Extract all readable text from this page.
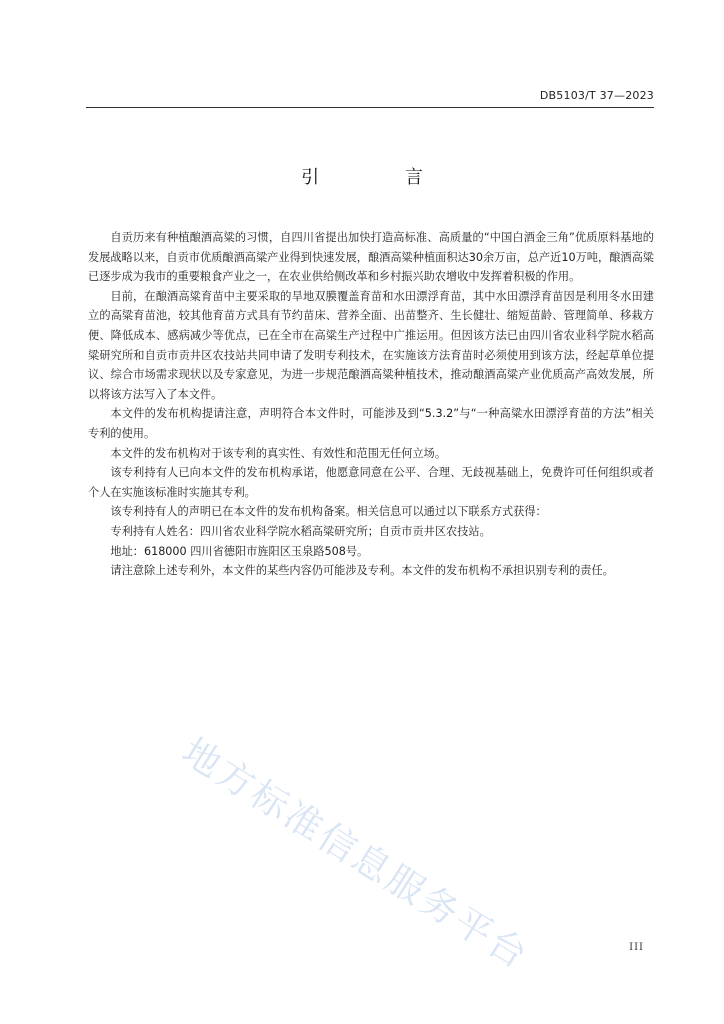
DB5103/T 37—2023
引 言

自贡历来有种植酿酒高粱的习惯，自四川省提出加快打造高标准、高质量的“中国白酒金三角”优质原料基地的发展战略以来，自贡市优质酿酒高粱产业得到快速发展，酿酒高粱种植面积达30余万亩，总产近10万吨，酿酒高粱已逐步成为我市的重要粮食产业之一，在农业供给侧改革和乡村振兴助农增收中发挥着积极的作用。

目前，在酿酒高粱育苗中主要采取的旱地双膜覆盖育苗和水田漂浮育苗，其中水田漂浮育苗因是利用冬水田建立的高粱育苗池，较其他育苗方式具有节约苗床、营养全面、出苗整齐、生长健壮、缩短苗龄、管理简单、移栽方便、降低成本、感病减少等优点，已在全市在高粱生产过程中广推运用。但因该方法已由四川省农业科学院水稻高粱研究所和自贡市贡井区农技站共同申请了发明专利技术，在实施该方法育苗时必须使用到该方法，经起草单位提议、综合市场需求现状以及专家意见，为进一步规范酿酒高粱种植技术，推动酿酒高粱产业优质高产高效发展，所以将该方法写入了本文件。

本文件的发布机构提请注意，声明符合本文件时，可能涉及到“5.3.2”与“一种高粱水田漂浮育苗的方法”相关专利的使用。

本文件的发布机构对于该专利的真实性、有效性和范围无任何立场。

该专利持有人已向本文件的发布机构承诺，他愿意同意在公平、合理、无歧视基础上，免费许可任何组织或者个人在实施该标准时实施其专利。

该专利持有人的声明已在本文件的发布机构备案。相关信息可以通过以下联系方式获得：

专利持有人姓名：四川省农业科学院水稻高粱研究所；自贡市贡井区农技站。

地址：618000 四川省德阳市旌阳区玉泉路508号。

请注意除上述专利外，本文件的某些内容仍可能涉及专利。本文件的发布机构不承担识别专利的责任。

地方标准信息服务平台	III
